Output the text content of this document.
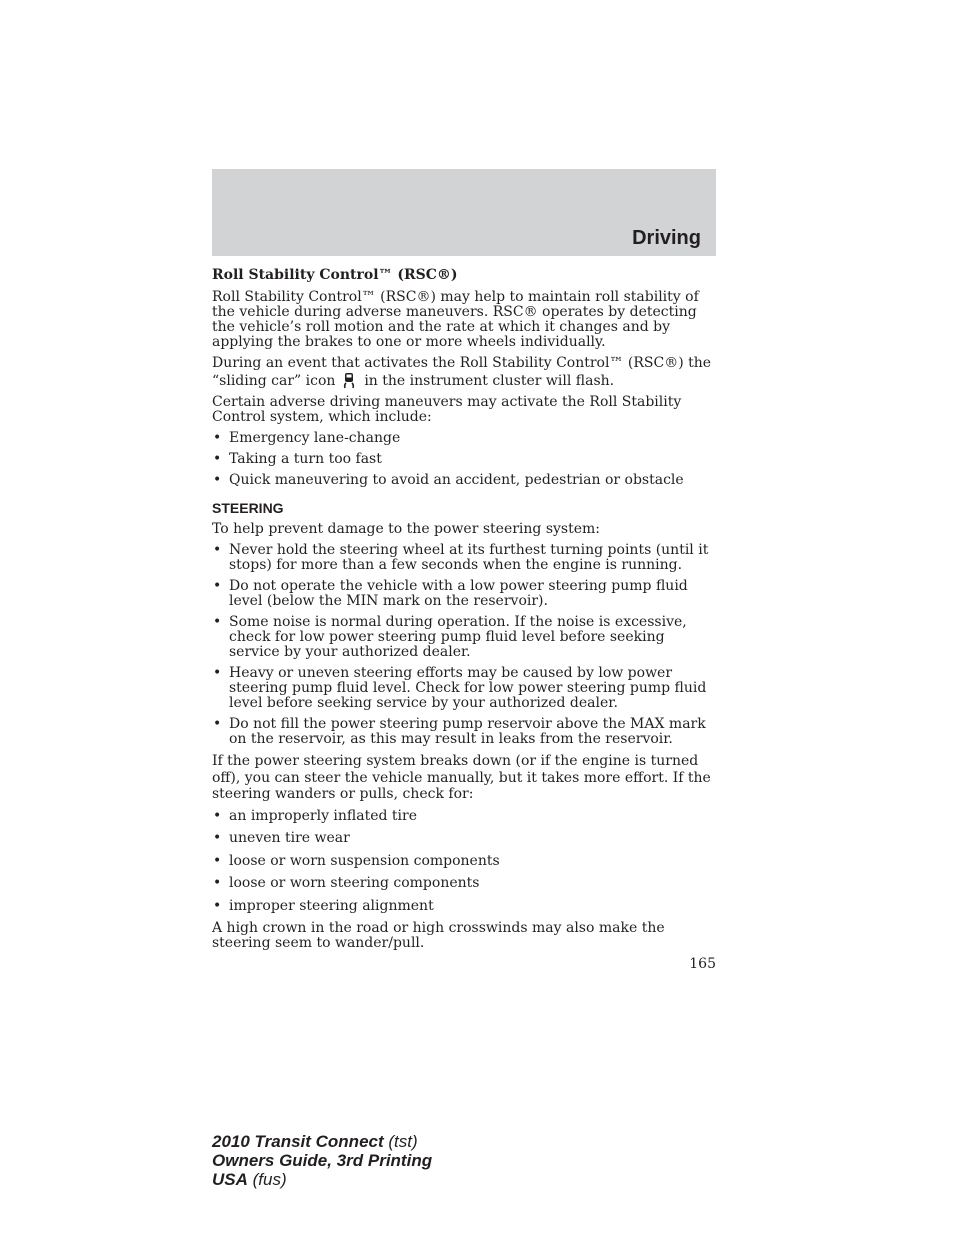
Driving
Roll Stability Control™ (RSC®)

Roll Stability Control™ (RSC®) may help to maintain roll stability of the vehicle during adverse maneuvers. RSC® operates by detecting the vehicle’s roll motion and the rate at which it changes and by applying the brakes to one or more wheels individually.

During an event that activates the Roll Stability Control™ (RSC®) the “sliding car” icon in the instrument cluster will flash.

Certain adverse driving maneuvers may activate the Roll Stability Control system, which include:

• Emergency lane-change
• Taking a turn too fast
• Quick maneuvering to avoid an accident, pedestrian or obstacle
STEERING

To help prevent damage to the power steering system:

• Never hold the steering wheel at its furthest turning points (until it stops) for more than a few seconds when the engine is running.
• Do not operate the vehicle with a low power steering pump fluid level (below the MIN mark on the reservoir).
• Some noise is normal during operation. If the noise is excessive, check for low power steering pump fluid level before seeking service by your authorized dealer.
• Heavy or uneven steering efforts may be caused by low power steering pump fluid level. Check for low power steering pump fluid level before seeking service by your authorized dealer.
• Do not fill the power steering pump reservoir above the MAX mark on the reservoir, as this may result in leaks from the reservoir.

If the power steering system breaks down (or if the engine is turned off), you can steer the vehicle manually, but it takes more effort. If the steering wanders or pulls, check for:

• an improperly inflated tire
• uneven tire wear
• loose or worn suspension components
• loose or worn steering components
• improper steering alignment

A high crown in the road or high crosswinds may also make the steering seem to wander/pull.

165
2010 Transit Connect (tst)
Owners Guide, 3rd Printing
USA (fus)
